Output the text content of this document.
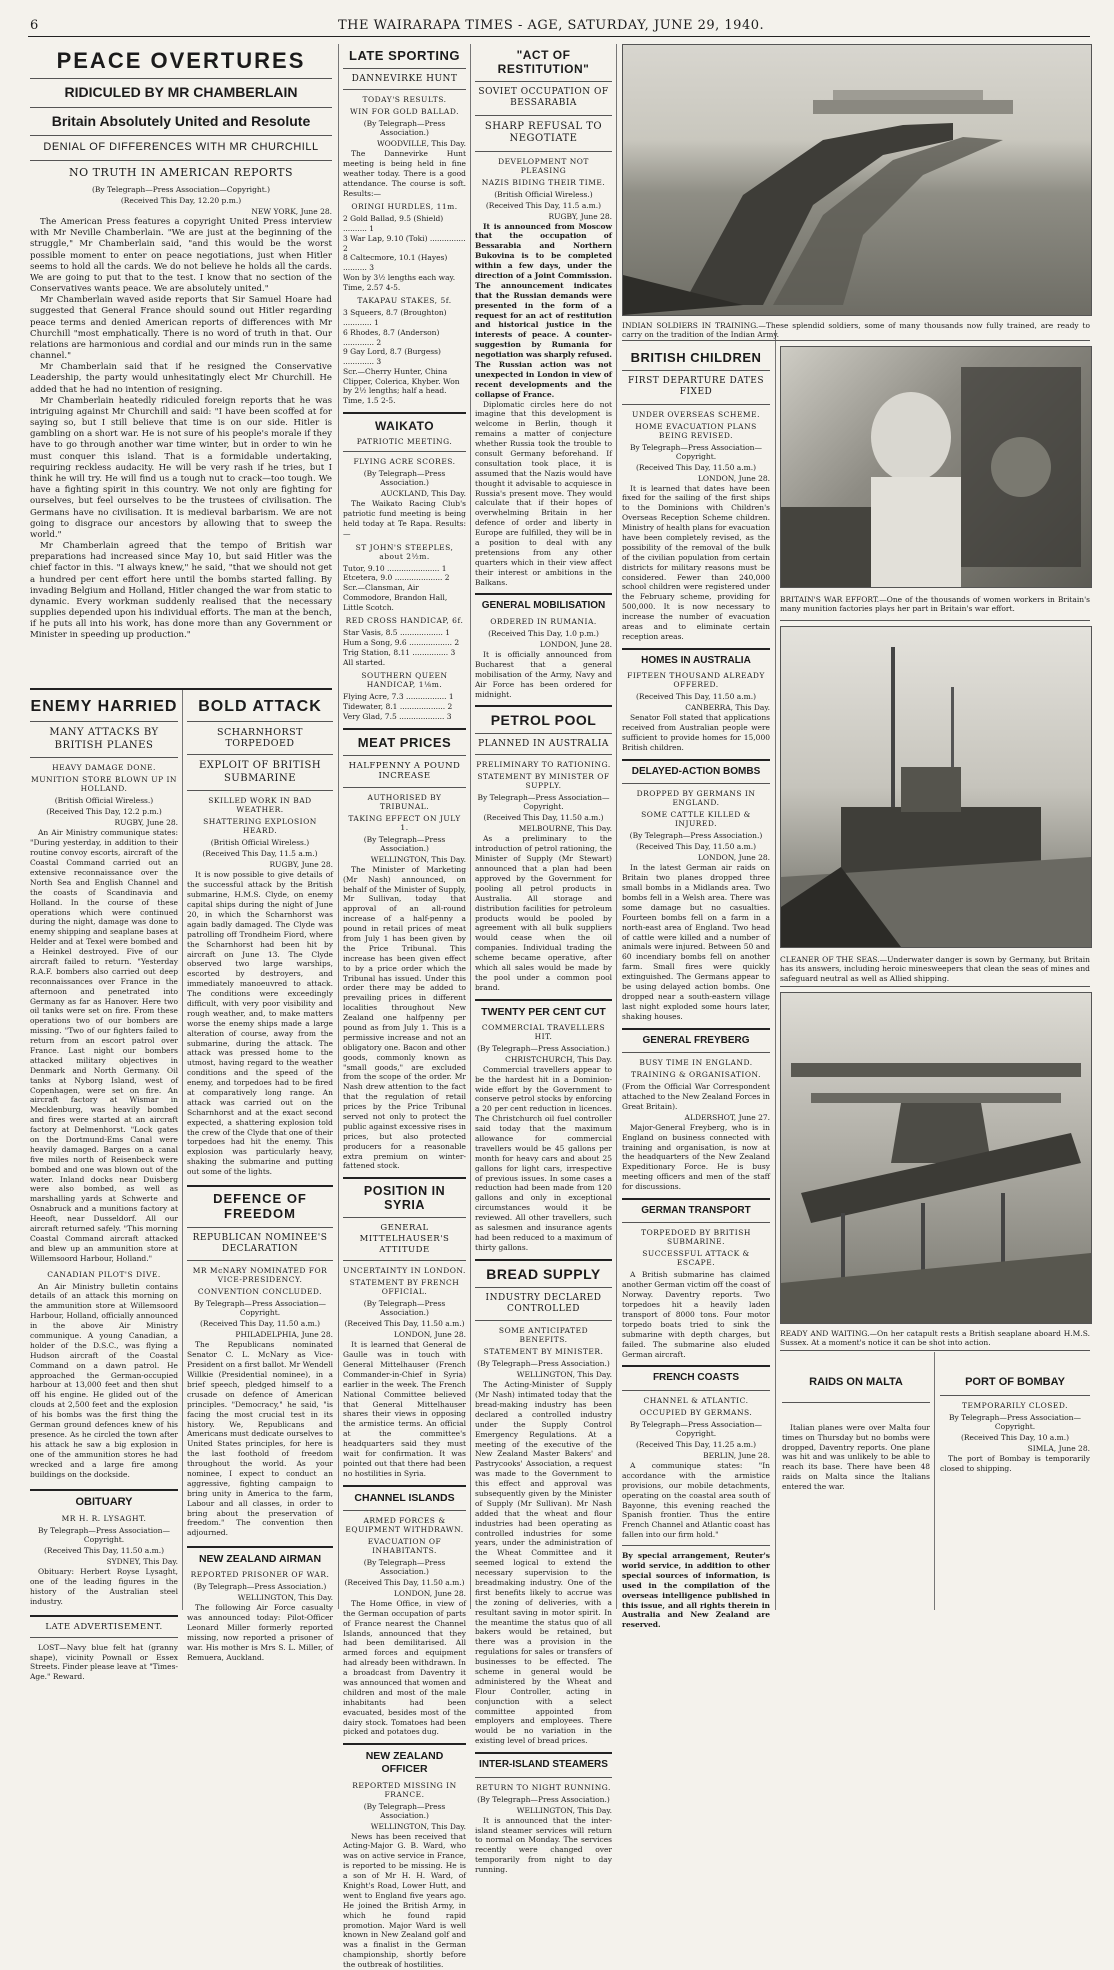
6	THE WAIRARAPA TIMES - AGE, SATURDAY, JUNE 29, 1940.
PEACE OVERTURES
RIDICULED BY MR CHAMBERLAIN
Britain Absolutely United and Resolute
DENIAL OF DIFFERENCES WITH MR CHURCHILL
NO TRUTH IN AMERICAN REPORTS
(By Telegraph—Press Association—Copyright.)
(Received This Day, 12.20 p.m.)
NEW YORK, June 28.

The American Press features a copyright United Press interview with Mr Neville Chamberlain. "We are just at the beginning of the struggle," Mr Chamberlain said, "and this would be the worst possible moment to enter on peace negotiations, just when Hitler seems to hold all the cards. We do not believe he holds all the cards. We are going to put that to the test. I know that no section of the Conservatives wants peace. We are absolutely united."

Mr Chamberlain waved aside reports that Sir Samuel Hoare had suggested that General France should sound out Hitler regarding peace terms and denied American reports of differences with Mr Churchill "most emphatically. There is no word of truth in that. Our relations are harmonious and cordial and our minds run in the same channel."

Mr Chamberlain said that if he resigned the Conservative Leadership, the party would unhesitatingly elect Mr Churchill. He added that he had no intention of resigning.

Mr Chamberlain heatedly ridiculed foreign reports that he was intriguing against Mr Churchill and said: "I have been scoffed at for saying so, but I still believe that time is on our side. Hitler is gambling on a short war. He is not sure of his people's morale if they have to go through another war time winter, but in order to win he must conquer this island. That is a formidable undertaking, requiring reckless audacity. He will be very rash if he tries, but I think he will try. He will find us a tough nut to crack—too tough. We have a fighting spirit in this country. We not only are fighting for ourselves, but feel ourselves to be the trustees of civilisation. The Germans have no civilisation. It is medieval barbarism. We are not going to disgrace our ancestors by allowing that to sweep the world."

Mr Chamberlain agreed that the tempo of British war preparations had increased since May 10, but said Hitler was the chief factor in this. "I always knew," he said, "that we should not get a hundred per cent effort here until the bombs started falling. By invading Belgium and Holland, Hitler changed the war from static to dynamic. Every workman suddenly realised that the necessary supplies depended upon his individual efforts. The man at the bench, if he puts all into his work, has done more than any Government or Minister in speeding up production."

ENEMY HARRIED
MANY ATTACKS BY BRITISH PLANES
HEAVY DAMAGE DONE.
MUNITION STORE BLOWN UP IN HOLLAND.
(British Official Wireless.)
(Received This Day, 12.2 p.m.)
RUGBY, June 28.

An Air Ministry communique states: "During yesterday, in addition to their routine convoy escorts, aircraft of the Coastal Command carried out an extensive reconnaissance over the North Sea and English Channel and the coasts of Scandinavia and Holland. In the course of these operations which were continued during the night, damage was done to enemy shipping and seaplane bases at Helder and at Texel were bombed and a Heinkel destroyed. Five of our aircraft failed to return. "Yesterday R.A.F. bombers also carried out deep reconnaissances over France in the afternoon and penetrated into Germany as far as Hanover. Here two oil tanks were set on fire. From these operations two of our bombers are missing. "Two of our fighters failed to return from an escort patrol over France. Last night our bombers attacked military objectives in Denmark and North Germany. Oil tanks at Nyborg Island, west of Copenhagen, were set on fire. An aircraft factory at Wismar in Mecklenburg, was heavily bombed and fires were started at an aircraft factory at Delmenhorst. "Lock gates on the Dortmund-Ems Canal were heavily damaged. Barges on a canal five miles north of Reisenbeck were bombed and one was blown out of the water. Inland docks near Duisberg were also bombed, as well as marshalling yards at Schwerte and Osnabruck and a munitions factory at Heeoft, near Dusseldorf. All our aircraft returned safely. "This morning Coastal Command aircraft attacked and blew up an ammunition store at Willemsoord Harbour, Holland."

CANADIAN PILOT'S DIVE.

An Air Ministry bulletin contains details of an attack this morning on the ammunition store at Willemsoord Harbour, Holland, officially announced in the above Air Ministry communique. A young Canadian, a holder of the D.S.C., was flying a Hudson aircraft of the Coastal Command on a dawn patrol. He approached the German-occupied harbour at 13,000 feet and then shut off his engine. He glided out of the clouds at 2,500 feet and the explosion of his bombs was the first thing the German ground defences knew of his presence. As he circled the town after his attack he saw a big explosion in one of the ammunition stores he had wrecked and a large fire among buildings on the dockside.

OBITUARY
MR H. R. LYSAGHT.
By Telegraph—Press Association—Copyright.
(Received This Day, 11.50 a.m.)
SYDNEY, This Day.

Obituary: Herbert Royse Lysaght, one of the leading figures in the history of the Australian steel industry.

LATE ADVERTISEMENT.

LOST—Navy blue felt hat (granny shape), vicinity Pownall or Essex Streets. Finder please leave at "Times-Age." Reward.

BOLD ATTACK
SCHARNHORST TORPEDOED
EXPLOIT OF BRITISH SUBMARINE
SKILLED WORK IN BAD WEATHER.
SHATTERING EXPLOSION HEARD.
(British Official Wireless.)
(Received This Day, 11.5 a.m.)
RUGBY, June 28.

It is now possible to give details of the successful attack by the British submarine, H.M.S. Clyde, on enemy capital ships during the night of June 20, in which the Scharnhorst was again badly damaged. The Clyde was patrolling off Trondheim Fiord, where the Scharnhorst had been hit by aircraft on June 13. The Clyde observed two large warships, escorted by destroyers, and immediately manoeuvred to attack. The conditions were exceedingly difficult, with very poor visibility and rough weather, and, to make matters worse the enemy ships made a large alteration of course, away from the submarine, during the attack. The attack was pressed home to the utmost, having regard to the weather conditions and the speed of the enemy, and torpedoes had to be fired at comparatively long range. An attack was carried out on the Scharnhorst and at the exact second expected, a shattering explosion told the crew of the Clyde that one of their torpedoes had hit the enemy. This explosion was particularly heavy, shaking the submarine and putting out some of the lights.

DEFENCE OF FREEDOM
REPUBLICAN NOMINEE'S DECLARATION
MR McNARY NOMINATED FOR VICE-PRESIDENCY.
CONVENTION CONCLUDED.
By Telegraph—Press Association—Copyright.
(Received This Day, 11.50 a.m.)
PHILADELPHIA, June 28.

The Republicans nominated Senator C. L. McNary as Vice-President on a first ballot. Mr Wendell Willkie (Presidential nominee), in a brief speech, pledged himself to a crusade on defence of American principles. "Democracy," he said, "is facing the most crucial test in its history. We, Republicans and Americans must dedicate ourselves to United States principles, for here is the last foothold of freedom throughout the world. As your nominee, I expect to conduct an aggressive, fighting campaign to bring unity in America to the farm, Labour and all classes, in order to bring about the preservation of freedom." The convention then adjourned.

NEW ZEALAND AIRMAN
REPORTED PRISONER OF WAR.
(By Telegraph—Press Association.)
WELLINGTON, This Day.

The following Air Force casualty was announced today: Pilot-Officer Leonard Miller formerly reported missing, now reported a prisoner of war. His mother is Mrs S. L. Miller, of Remuera, Auckland.

LATE SPORTING
DANNEVIRKE HUNT
TODAY'S RESULTS.
WIN FOR GOLD BALLAD.
(By Telegraph—Press Association.)
WOODVILLE, This Day.

The Dannevirke Hunt meeting is being held in fine weather today. There is a good attendance. The course is soft. Results:—

ORINGI HURDLES, 11m.
2 Gold Ballad, 9.5 (Shield) .......... 1
3 War Lap, 9.10 (Toki) ............... 2
8 Caltecmore, 10.1 (Hayes) .......... 3
Won by 3½ lengths each way. Time, 2.57 4-5.
TAKAPAU STAKES, 5f.
3 Squeers, 8.7 (Broughton) ............ 1
6 Rhodes, 8.7 (Anderson) ............. 2
9 Gay Lord, 8.7 (Burgess) ............. 3
Scr.—Cherry Hunter, China Clipper, Colerica, Khyber. Won by 2½ lengths; half a head. Time, 1.5 2-5.
WAIKATO
PATRIOTIC MEETING.
FLYING ACRE SCORES.
(By Telegraph—Press Association.)
AUCKLAND, This Day.

The Waikato Racing Club's patriotic fund meeting is being held today at Te Rapa. Results:—

ST JOHN'S STEEPLES, about 2½m.
Tutor, 9.10 ...................... 1
Etcetera, 9.0 .................... 2
Scr.—Clansman, Air Commodore, Brandon Hall, Little Scotch.
RED CROSS HANDICAP, 6f.
Star Vasis, 8.5 .................. 1
Hum a Song, 9.6 .................. 2
Trig Station, 8.11 ............... 3
All started.
SOUTHERN QUEEN HANDICAP, 1⅛m.
Flying Acre, 7.3 ................. 1
Tidewater, 8.1 ................... 2
Very Glad, 7.5 ................... 3
MEAT PRICES
HALFPENNY A POUND INCREASE
AUTHORISED BY TRIBUNAL.
TAKING EFFECT ON JULY 1.
(By Telegraph—Press Association.)
WELLINGTON, This Day.

The Minister of Marketing (Mr Nash) announced, on behalf of the Minister of Supply, Mr Sullivan, today that approval of an all-round increase of a half-penny a pound in retail prices of meat from July 1 has been given by the Price Tribunal. This increase has been given effect to by a price order which the Tribunal has issued. Under this order there may be added to prevailing prices in different localities throughout New Zealand one halfpenny per pound as from July 1. This is a permissive increase and not an obligatory one. Bacon and other goods, commonly known as "small goods," are excluded from the scope of the order. Mr Nash drew attention to the fact that the regulation of retail prices by the Price Tribunal served not only to protect the public against excessive rises in prices, but also protected producers for a reasonable extra premium on winter-fattened stock.

POSITION IN SYRIA
GENERAL MITTELHAUSER'S ATTITUDE
UNCERTAINTY IN LONDON.
STATEMENT BY FRENCH OFFICIAL.
(By Telegraph—Press Association.)
(Received This Day, 11.50 a.m.)
LONDON, June 28.

It is learned that General de Gaulle was in touch with General Mittelhauser (French Commander-in-Chief in Syria) earlier in the week. The French National Committee believed that General Mittelhauser shares their views in opposing the armistice terms. An official at the committee's headquarters said they must wait for confirmation. It was pointed out that there had been no hostilities in Syria.

CHANNEL ISLANDS
ARMED FORCES & EQUIPMENT WITHDRAWN.
EVACUATION OF INHABITANTS.
(By Telegraph—Press Association.)
(Received This Day, 11.50 a.m.)
LONDON, June 28.

The Home Office, in view of the German occupation of parts of France nearest the Channel Islands, announced that they had been demilitarised. All armed forces and equipment had already been withdrawn. In a broadcast from Daventry it was announced that women and children and most of the male inhabitants had been evacuated, besides most of the dairy stock. Tomatoes had been picked and potatoes dug.

NEW ZEALAND OFFICER
REPORTED MISSING IN FRANCE.
(By Telegraph—Press Association.)
WELLINGTON, This Day.

News has been received that Acting-Major G. B. Ward, who was on active service in France, is reported to be missing. He is a son of Mr H. H. Ward, of Knight's Road, Lower Hutt, and went to England five years ago. He joined the British Army, in which he found rapid promotion. Major Ward is well known in New Zealand golf and was a finalist in the German championship, shortly before the outbreak of hostilities.

"ACT OF RESTITUTION"
SOVIET OCCUPATION OF BESSARABIA
SHARP REFUSAL TO NEGOTIATE
DEVELOPMENT NOT PLEASING
NAZIS BIDING THEIR TIME.
(British Official Wireless.)
(Received This Day, 11.5 a.m.)
RUGBY, June 28.

It is announced from Moscow that the occupation of Bessarabia and Northern Bukovina is to be completed within a few days, under the direction of a Joint Commission. The announcement indicates that the Russian demands were presented in the form of a request for an act of restitution and historical justice in the interests of peace. A counter-suggestion by Rumania for negotiation was sharply refused. The Russian action was not unexpected in London in view of recent developments and the collapse of France.

Diplomatic circles here do not imagine that this development is welcome in Berlin, though it remains a matter of conjecture whether Russia took the trouble to consult Germany beforehand. If consultation took place, it is assumed that the Nazis would have thought it advisable to acquiesce in Russia's present move. They would calculate that if their hopes of overwhelming Britain in her defence of order and liberty in Europe are fulfilled, they will be in a position to deal with any pretensions from any other quarters which in their view affect their interest or ambitions in the Balkans.

GENERAL MOBILISATION
ORDERED IN RUMANIA.
(Received This Day, 1.0 p.m.)
LONDON, June 28.

It is officially announced from Bucharest that a general mobilisation of the Army, Navy and Air Force has been ordered for midnight.

PETROL POOL
PLANNED IN AUSTRALIA
PRELIMINARY TO RATIONING.
STATEMENT BY MINISTER OF SUPPLY.
By Telegraph—Press Association—Copyright.
(Received This Day, 11.50 a.m.)
MELBOURNE, This Day.

As a preliminary to the introduction of petrol rationing, the Minister of Supply (Mr Stewart) announced that a plan had been approved by the Government for pooling all petrol products in Australia. All storage and distribution facilities for petroleum products would be pooled by agreement with all bulk suppliers would cease when the oil companies. Individual trading the scheme became operative, after which all sales would be made by the pool under a common pool brand.

TWENTY PER CENT CUT
COMMERCIAL TRAVELLERS HIT.
(By Telegraph—Press Association.)
CHRISTCHURCH, This Day.

Commercial travellers appear to be the hardest hit in a Dominion-wide effort by the Government to conserve petrol stocks by enforcing a 20 per cent reduction in licences. The Christchurch oil fuel controller said today that the maximum allowance for commercial travellers would be 45 gallons per month for heavy cars and about 25 gallons for light cars, irrespective of previous issues. In some cases a reduction had been made from 120 gallons and only in exceptional circumstances would it be reviewed. All other travellers, such as salesmen and insurance agents had been reduced to a maximum of thirty gallons.

BREAD SUPPLY
INDUSTRY DECLARED CONTROLLED
SOME ANTICIPATED BENEFITS.
STATEMENT BY MINISTER.
(By Telegraph—Press Association.)
WELLINGTON, This Day.

The Acting-Minister of Supply (Mr Nash) intimated today that the bread-making industry has been declared a controlled industry under the Supply Control Emergency Regulations. At a meeting of the executive of the New Zealand Master Bakers' and Pastrycooks' Association, a request was made to the Government to this effect and approval was subsequently given by the Minister of Supply (Mr Sullivan). Mr Nash added that the wheat and flour industries had been operating as controlled industries for some years, under the administration of the Wheat Committee and it seemed logical to extend the necessary supervision to the breadmaking industry. One of the first benefits likely to accrue was the zoning of deliveries, with a resultant saving in motor spirit. In the meantime the status quo of all bakers would be retained, but there was a provision in the regulations for sales or transfers of businesses to be effected. The scheme in general would be administered by the Wheat and Flour Controller, acting in conjunction with a select committee appointed from employers and employees. There would be no variation in the existing level of bread prices.

INTER-ISLAND STEAMERS
RETURN TO NIGHT RUNNING.
(By Telegraph—Press Association.)
WELLINGTON, This Day.

It is announced that the inter-island steamer services will return to normal on Monday. The services recently were changed over temporarily from night to day running.

INDIAN SOLDIERS IN TRAINING.—These splendid soldiers, some of many thousands now fully trained, are ready to carry on the tradition of the Indian Army.
BRITISH CHILDREN
FIRST DEPARTURE DATES FIXED
UNDER OVERSEAS SCHEME.
HOME EVACUATION PLANS BEING REVISED.
By Telegraph—Press Association—Copyright.
(Received This Day, 11.50 a.m.)
LONDON, June 28.

It is learned that dates have been fixed for the sailing of the first ships to the Dominions with Children's Overseas Reception Scheme children. Ministry of health plans for evacuation have been completely revised, as the possibility of the removal of the bulk of the civilian population from certain districts for military reasons must be considered. Fewer than 240,000 school children were registered under the February scheme, providing for 500,000. It is now necessary to increase the number of evacuation areas and to eliminate certain reception areas.

HOMES IN AUSTRALIA
FIFTEEN THOUSAND ALREADY OFFERED.
(Received This Day, 11.50 a.m.)
CANBERRA, This Day.

Senator Foll stated that applications received from Australian people were sufficient to provide homes for 15,000 British children.

DELAYED-ACTION BOMBS
DROPPED BY GERMANS IN ENGLAND.
SOME CATTLE KILLED & INJURED.
(By Telegraph—Press Association.)
(Received This Day, 11.50 a.m.)
LONDON, June 28.

In the latest German air raids on Britain two planes dropped three small bombs in a Midlands area. Two bombs fell in a Welsh area. There was some damage but no casualties. Fourteen bombs fell on a farm in a north-east area of England. Two head of cattle were killed and a number of animals were injured. Between 50 and 60 incendiary bombs fell on another farm. Small fires were quickly extinguished. The Germans appear to be using delayed action bombs. One dropped near a south-eastern village last night exploded some hours later, shaking houses.

GENERAL FREYBERG
BUSY TIME IN ENGLAND.
TRAINING & ORGANISATION.

(From the Official War Correspondent attached to the New Zealand Forces in Great Britain).

ALDERSHOT, June 27.

Major-General Freyberg, who is in England on business connected with training and organisation, is now at the headquarters of the New Zealand Expeditionary Force. He is busy meeting officers and men of the staff for discussions.

GERMAN TRANSPORT
TORPEDOED BY BRITISH SUBMARINE.
SUCCESSFUL ATTACK & ESCAPE.

A British submarine has claimed another German victim off the coast of Norway. Daventry reports. Two torpedoes hit a heavily laden transport of 8000 tons. Four motor torpedo boats tried to sink the submarine with depth charges, but failed. The submarine also eluded German aircraft.

FRENCH COASTS
CHANNEL & ATLANTIC.
OCCUPIED BY GERMANS.
By Telegraph—Press Association—Copyright.
(Received This Day, 11.25 a.m.)
BERLIN, June 28.

A communique states: "In accordance with the armistice provisions, our mobile detachments, operating on the coastal area south of Bayonne, this evening reached the Spanish frontier. Thus the entire French Channel and Atlantic coast has fallen into our firm hold."

By special arrangement, Reuter's world service, in addition to other special sources of information, is used in the compilation of the overseas intelligence published in this issue, and all rights therein in Australia and New Zealand are reserved.

BRITAIN'S WAR EFFORT.—One of the thousands of women workers in Britain's many munition factories plays her part in Britain's war effort.
CLEANER OF THE SEAS.—Underwater danger is sown by Germany, but Britain has its answers, including heroic minesweepers that clean the seas of mines and safeguard neutral as well as Allied shipping.
READY AND WAITING.—On her catapult rests a British seaplane aboard H.M.S. Sussex. At a moment's notice it can be shot into action.
RAIDS ON MALTA

Italian planes were over Malta four times on Thursday but no bombs were dropped, Daventry reports. One plane was hit and was unlikely to be able to reach its base. There have been 48 raids on Malta since the Italians entered the war.

PORT OF BOMBAY
TEMPORARILY CLOSED.
By Telegraph—Press Association—Copyright.
(Received This Day, 10 a.m.)
SIMLA, June 28.

The port of Bombay is temporarily closed to shipping.
